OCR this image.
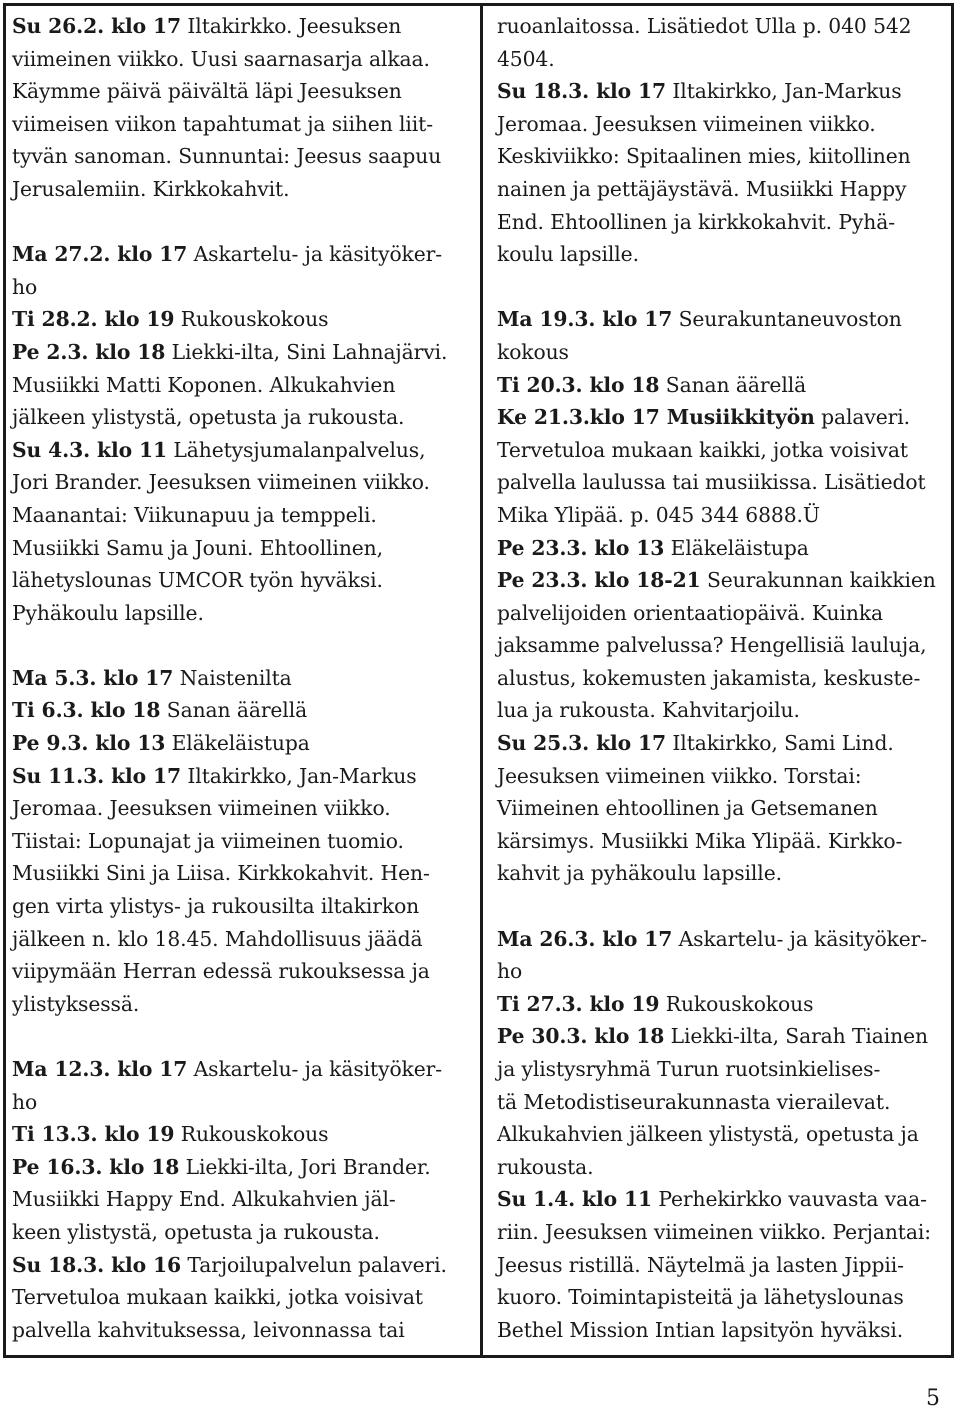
Su 26.2. klo 17 Iltakirkko. Jeesuksen
viimeinen viikko. Uusi saarnasarja alkaa.
Käymme päivä päivältä läpi Jeesuksen
viimeisen viikon tapahtumat ja siihen liit-
tyvän sanoman. Sunnuntai: Jeesus saapuu
Jerusalemiin. Kirkkokahvit.
Ma 27.2. klo 17 Askartelu- ja käsityöker-
ho
Ti 28.2. klo 19 Rukouskokous
Pe 2.3. klo 18 Liekki-ilta, Sini Lahnajärvi.
Musiikki Matti Koponen. Alkukahvien
jälkeen ylistystä, opetusta ja rukousta.
Su 4.3. klo 11 Lähetysjumalanpalvelus,
Jori Brander. Jeesuksen viimeinen viikko.
Maanantai: Viikunapuu ja temppeli.
Musiikki Samu ja Jouni. Ehtoollinen,
lähetyslounas UMCOR työn hyväksi.
Pyhäkoulu lapsille.
Ma 5.3. klo 17 Naistenilta
Ti 6.3. klo 18 Sanan äärellä
Pe 9.3. klo 13 Eläkeläistupa
Su 11.3. klo 17 Iltakirkko, Jan-Markus
Jeromaa. Jeesuksen viimeinen viikko.
Tiistai: Lopunajat ja viimeinen tuomio.
Musiikki Sini ja Liisa. Kirkkokahvit. Hen-
gen virta ylistys- ja rukousilta iltakirkon
jälkeen n. klo 18.45. Mahdollisuus jäädä
viipymään Herran edessä rukouksessa ja
ylistyksessä.
Ma 12.3. klo 17 Askartelu- ja käsityöker-
ho
Ti 13.3. klo 19 Rukouskokous
Pe 16.3. klo 18 Liekki-ilta, Jori Brander.
Musiikki Happy End. Alkukahvien jäl-
keen ylistystä, opetusta ja rukousta.
Su 18.3. klo 16 Tarjoilupalvelun palaveri.
Tervetuloa mukaan kaikki, jotka voisivat
palvella kahvituksessa, leivonnassa tai
ruoanlaitossa. Lisätiedot Ulla p. 040 542
4504.
Su 18.3. klo 17 Iltakirkko, Jan-Markus
Jeromaa. Jeesuksen viimeinen viikko.
Keskiviikko: Spitaalinen mies, kiitollinen
nainen ja pettäjäystävä. Musiikki Happy
End. Ehtoollinen ja kirkkokahvit. Pyhä-
koulu lapsille.
Ma 19.3. klo 17 Seurakuntaneuvoston
kokous
Ti 20.3. klo 18 Sanan äärellä
Ke 21.3.klo 17 Musiikkityön palaveri.
Tervetuloa mukaan kaikki, jotka voisivat
palvella laulussa tai musiikissa. Lisätiedot
Mika Ylipää. p. 045 344 6888.Ü
Pe 23.3. klo 13 Eläkeläistupa
Pe 23.3. klo 18-21 Seurakunnan kaikkien
palvelijoiden orientaatiopäivä. Kuinka
jaksamme palvelussa? Hengellisiä lauluja,
alustus, kokemusten jakamista, keskuste-
lua ja rukousta. Kahvitarjoilu.
Su 25.3. klo 17 Iltakirkko, Sami Lind.
Jeesuksen viimeinen viikko. Torstai:
Viimeinen ehtoollinen ja Getsemanen
kärsimys. Musiikki Mika Ylipää. Kirkko-
kahvit ja pyhäkoulu lapsille.
Ma 26.3. klo 17 Askartelu- ja käsityöker-
ho
Ti 27.3. klo 19 Rukouskokous
Pe 30.3. klo 18 Liekki-ilta, Sarah Tiainen
ja ylistysryhmä Turun ruotsinkielises-
tä Metodistiseurakunnasta vierailevat.
Alkukahvien jälkeen ylistystä, opetusta ja
rukousta.
Su 1.4. klo 11 Perhekirkko vauvasta vaa-
riin. Jeesuksen viimeinen viikko. Perjantai:
Jeesus ristillä. Näytelmä ja lasten Jippii-
kuoro. Toimintapisteitä ja lähetyslounas
Bethel Mission Intian lapsityön hyväksi.
5
